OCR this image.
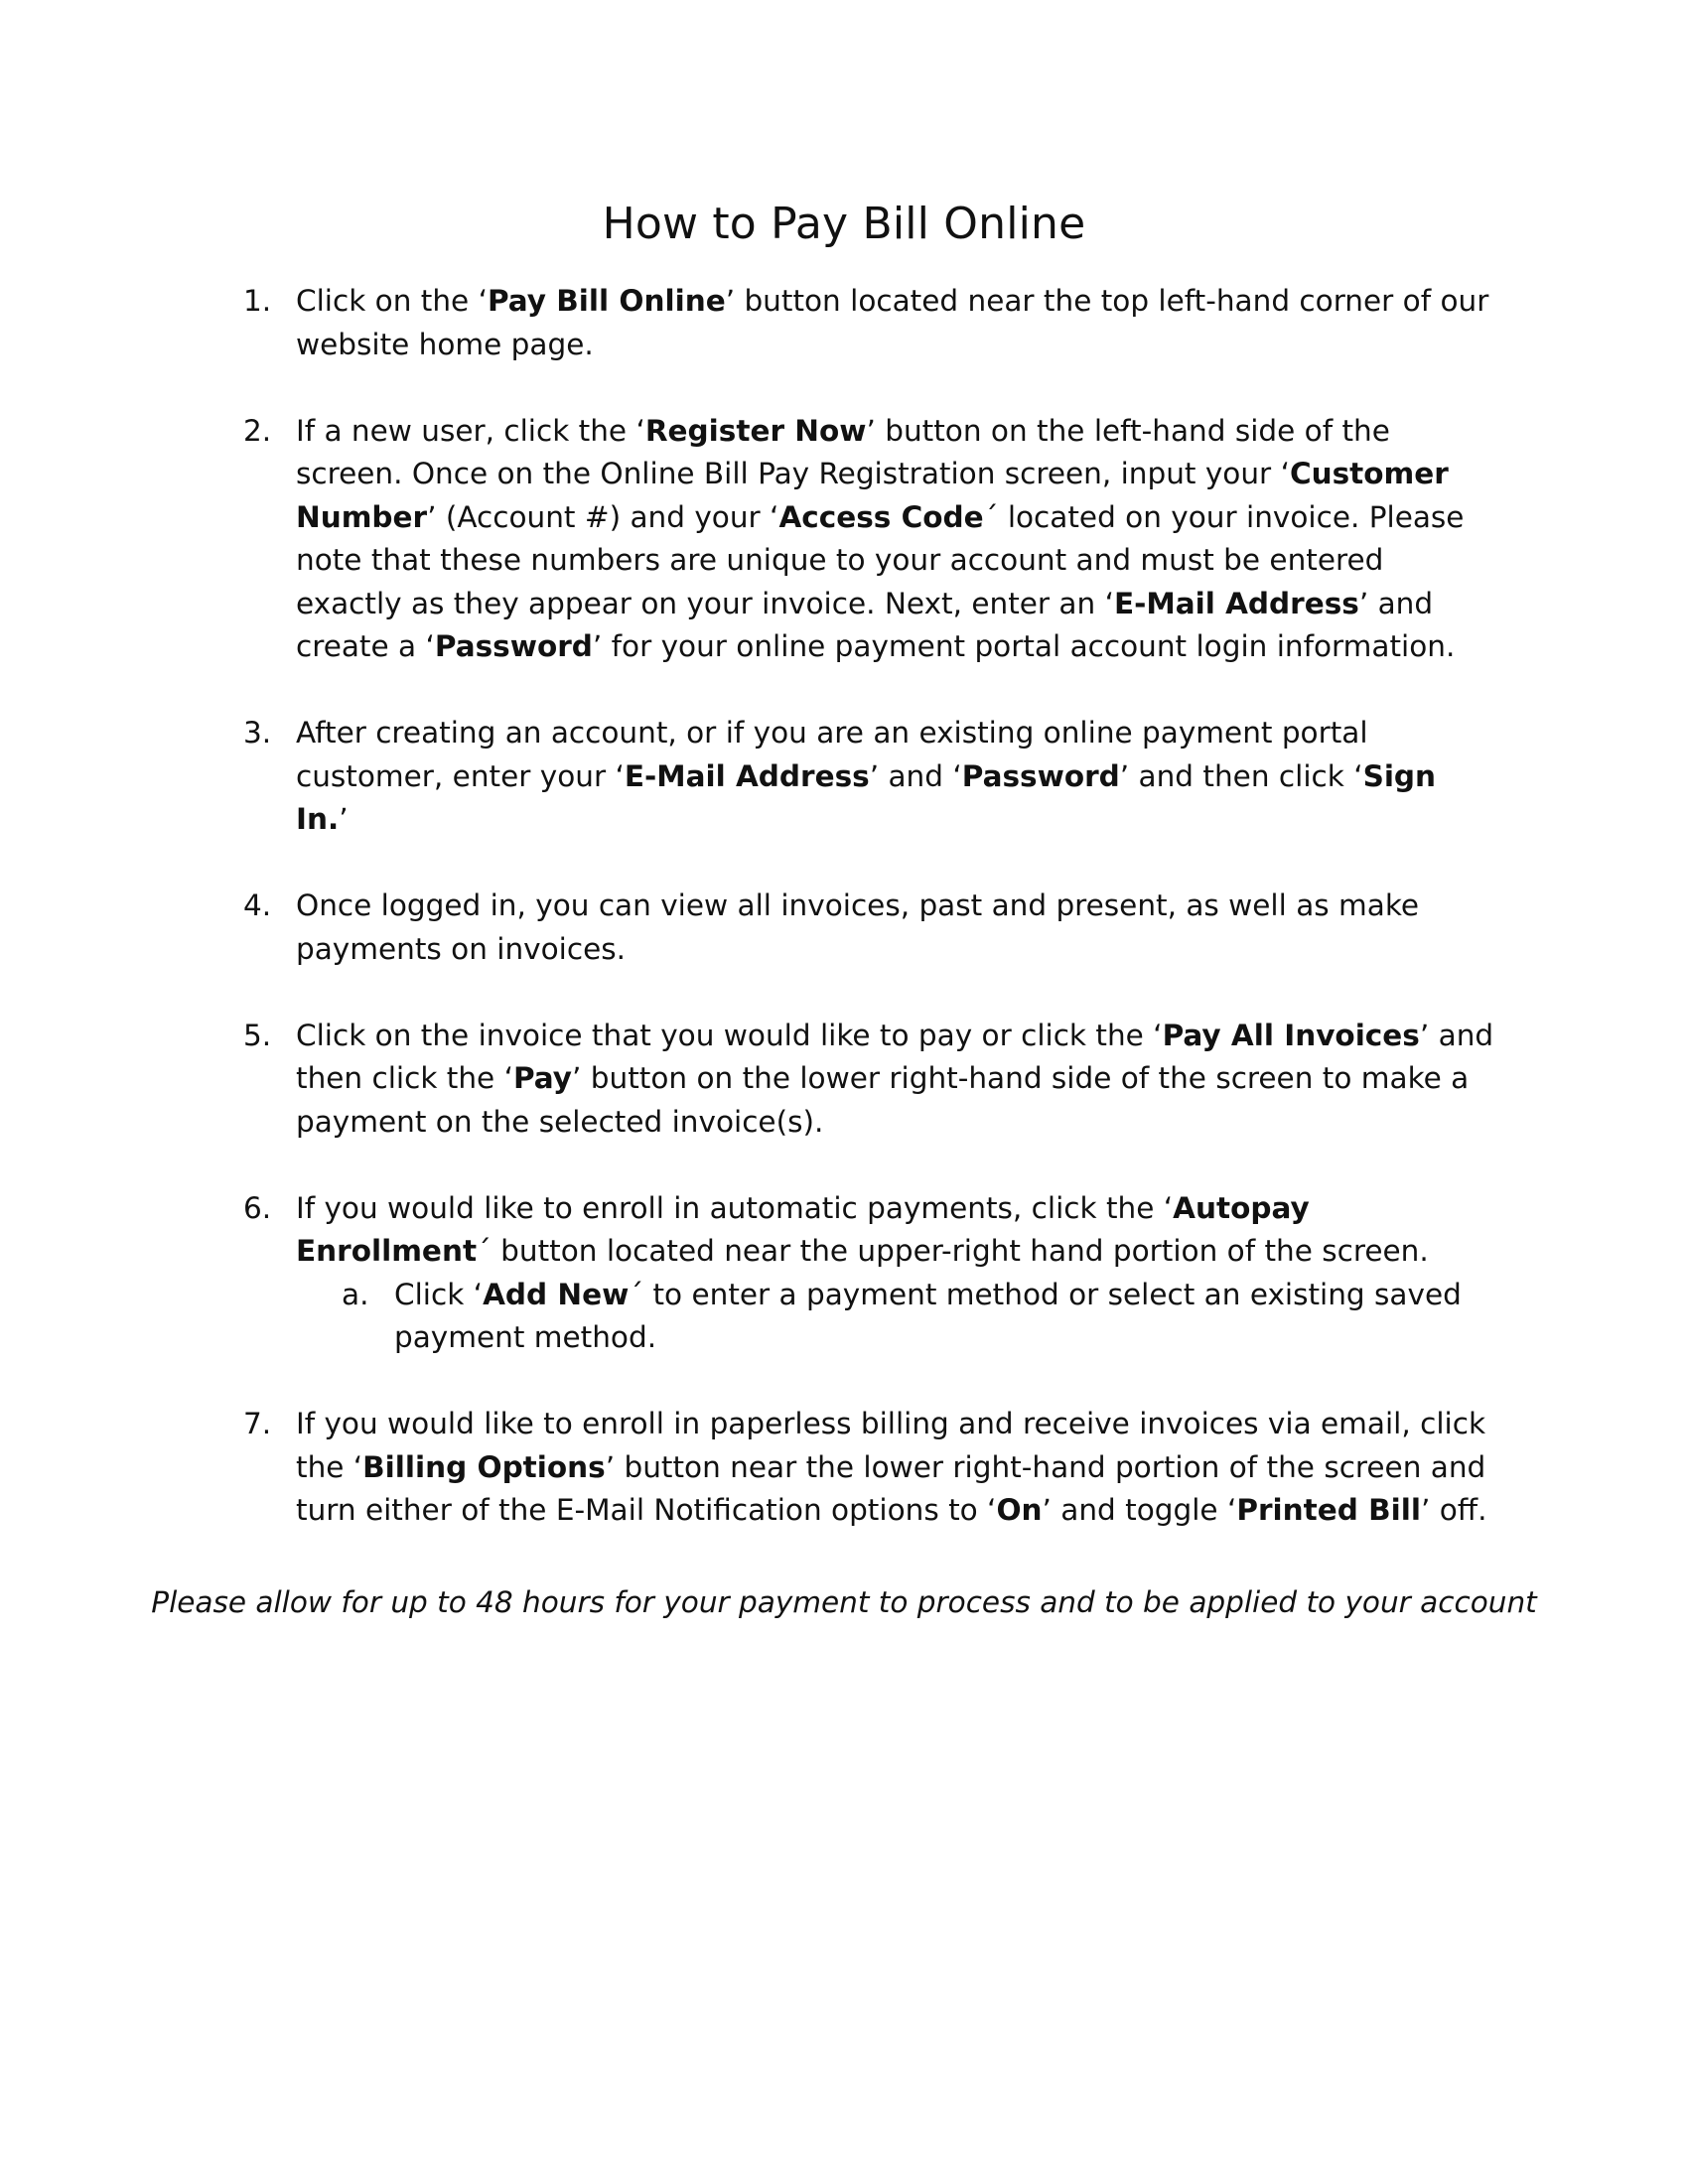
How to Pay Bill Online
1. Click on the ‘Pay Bill Online’ button located near the top left-hand corner of our website home page.
2. If a new user, click the ‘Register Now’ button on the left-hand side of the screen. Once on the Online Bill Pay Registration screen, input your ‘Customer Number’ (Account #) and your ‘Access Code´ located on your invoice. Please note that these numbers are unique to your account and must be entered exactly as they appear on your invoice. Next, enter an ‘E-Mail Address’ and create a ‘Password’ for your online payment portal account login information.
3. After creating an account, or if you are an existing online payment portal customer, enter your ‘E-Mail Address’ and ‘Password’ and then click ‘Sign In.’
4. Once logged in, you can view all invoices, past and present, as well as make payments on invoices.
5. Click on the invoice that you would like to pay or click the ‘Pay All Invoices’ and then click the ‘Pay’ button on the lower right-hand side of the screen to make a payment on the selected invoice(s).
6. If you would like to enroll in automatic payments, click the ‘Autopay Enrollment´ button located near the upper-right hand portion of the screen.
a. Click ‘Add New´ to enter a payment method or select an existing saved payment method.
7. If you would like to enroll in paperless billing and receive invoices via email, click the ‘Billing Options’ button near the lower right-hand portion of the screen and turn either of the E-Mail Notification options to ‘On’ and toggle ‘Printed Bill’ off.

Please allow for up to 48 hours for your payment to process and to be applied to your account
